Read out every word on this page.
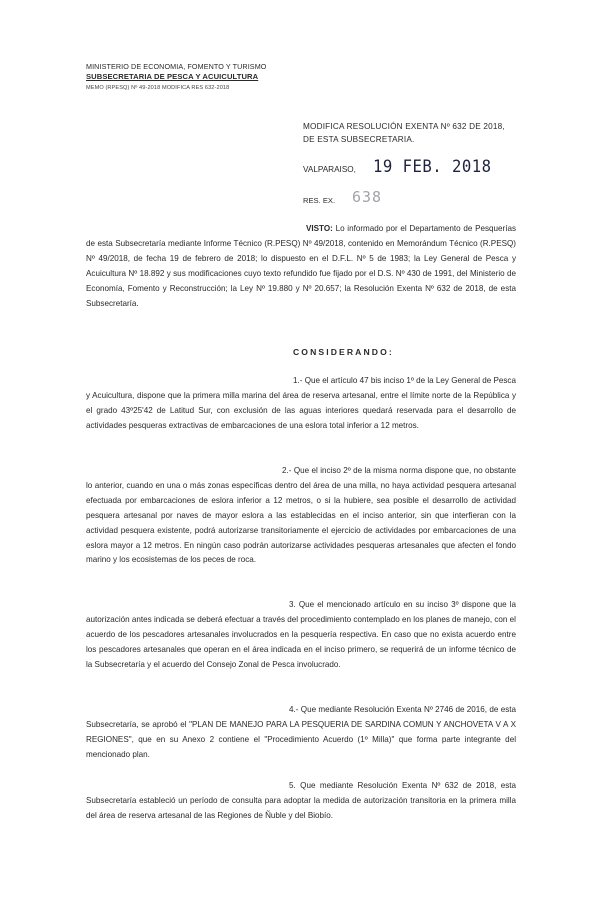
MINISTERIO DE ECONOMIA, FOMENTO Y TURISMO
SUBSECRETARIA DE PESCA Y ACUICULTURA
MEMO (RPESQ) Nº 49-2018 MODIFICA RES 632-2018
MODIFICA RESOLUCIÓN EXENTA Nº 632 DE 2018,
DE ESTA SUBSECRETARIA.
VALPARAISO, 19 FEB. 2018
RES. EX. 638

VISTO: Lo informado por el Departamento de Pesquerías de esta Subsecretaría mediante Informe Técnico (R.PESQ) Nº 49/2018, contenido en Memorándum Técnico (R.PESQ) Nº 49/2018, de fecha 19 de febrero de 2018; lo dispuesto en el D.F.L. Nº 5 de 1983; la Ley General de Pesca y Acuicultura Nº 18.892 y sus modificaciones cuyo texto refundido fue fijado por el D.S. Nº 430 de 1991, del Ministerio de Economía, Fomento y Reconstrucción; la Ley Nº 19.880 y Nº 20.657; la Resolución Exenta Nº 632 de 2018, de esta Subsecretaría.

CONSIDERANDO:

1.- Que el artículo 47 bis inciso 1º de la Ley General de Pesca y Acuicultura, dispone que la primera milla marina del área de reserva artesanal, entre el límite norte de la República y el grado 43º25'42 de Latitud Sur, con exclusión de las aguas interiores quedará reservada para el desarrollo de actividades pesqueras extractivas de embarcaciones de una eslora total inferior a 12 metros.

2.- Que el inciso 2º de la misma norma dispone que, no obstante lo anterior, cuando en una o más zonas específicas dentro del área de una milla, no haya actividad pesquera artesanal efectuada por embarcaciones de eslora inferior a 12 metros, o si la hubiere, sea posible el desarrollo de actividad pesquera artesanal por naves de mayor eslora a las establecidas en el inciso anterior, sin que interfieran con la actividad pesquera existente, podrá autorizarse transitoriamente el ejercicio de actividades por embarcaciones de una eslora mayor a 12 metros. En ningún caso podrán autorizarse actividades pesqueras artesanales que afecten el fondo marino y los ecosistemas de los peces de roca.

3. Que el mencionado artículo en su inciso 3º dispone que la autorización antes indicada se deberá efectuar a través del procedimiento contemplado en los planes de manejo, con el acuerdo de los pescadores artesanales involucrados en la pesquería respectiva. En caso que no exista acuerdo entre los pescadores artesanales que operan en el área indicada en el inciso primero, se requerirá de un informe técnico de la Subsecretaría y el acuerdo del Consejo Zonal de Pesca involucrado.

4.- Que mediante Resolución Exenta Nº 2746 de 2016, de esta Subsecretaría, se aprobó el "PLAN DE MANEJO PARA LA PESQUERIA DE SARDINA COMUN Y ANCHOVETA V A X REGIONES", que en su Anexo 2 contiene el "Procedimiento Acuerdo (1º Milla)" que forma parte integrante del mencionado plan.

5. Que mediante Resolución Exenta Nº 632 de 2018, esta Subsecretaría estableció un período de consulta para adoptar la medida de autorización transitoria en la primera milla del área de reserva artesanal de las Regiones de Ñuble y del Biobío.
